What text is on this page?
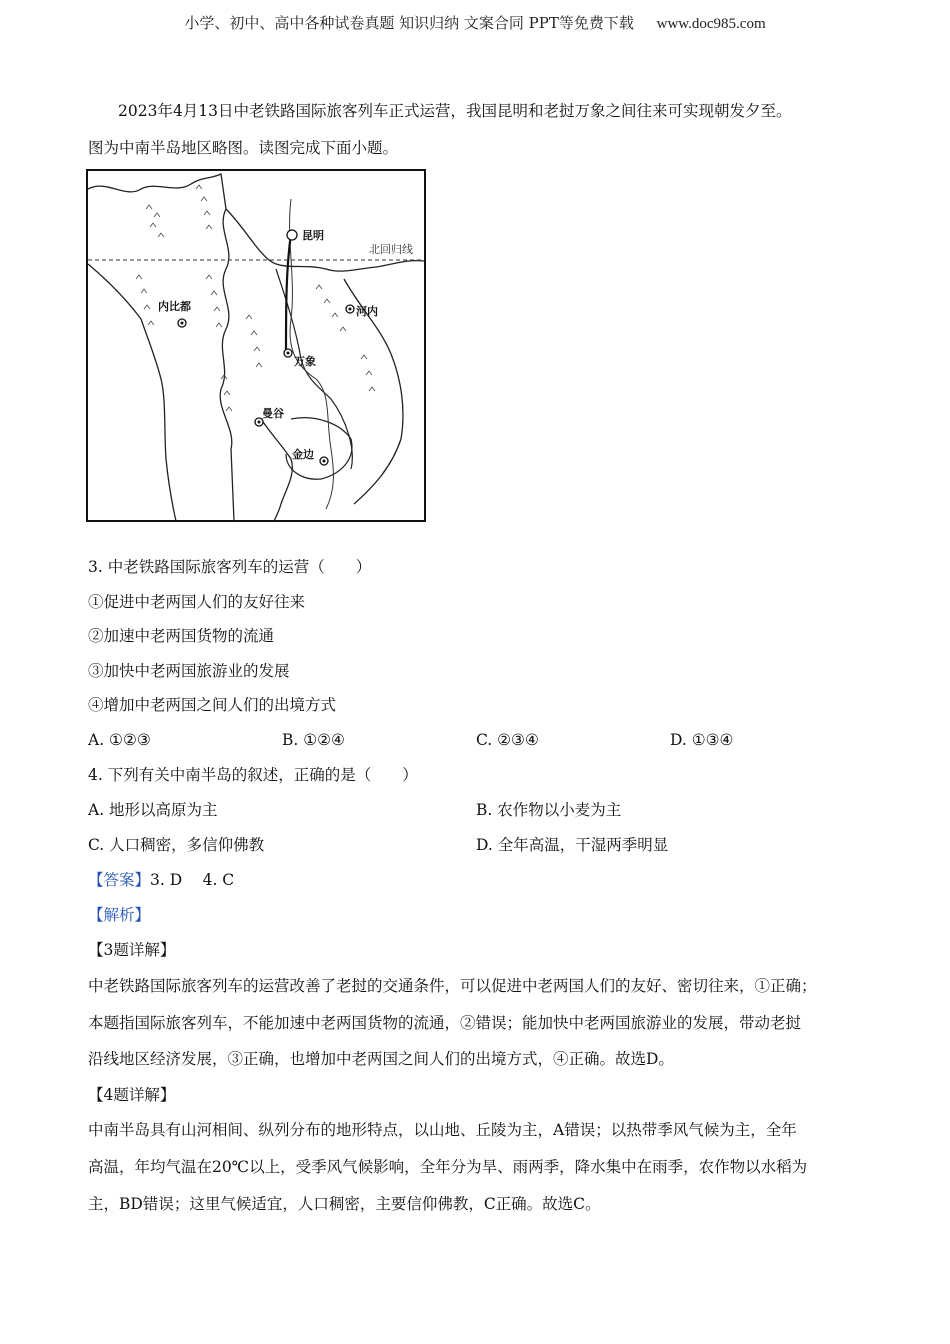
小学、初中、高中各种试卷真题 知识归纳 文案合同 PPT等免费下载 www.doc985.com
2023年4月13日中老铁路国际旅客列车正式运营，我国昆明和老挝万象之间往来可实现朝发夕至。
图为中南半岛地区略图。读图完成下面小题。
昆明
北回归线
内比都	河内
万象
曼谷
金边
3. 中老铁路国际旅客列车的运营（　　）
①促进中老两国人们的友好往来
②加速中老两国货物的流通
③加快中老两国旅游业的发展
④增加中老两国之间人们的出境方式
A. ①②③	B. ①②④	C. ②③④	D. ①③④
4. 下列有关中南半岛的叙述，正确的是（　　）
A. 地形以高原为主	B. 农作物以小麦为主
C. 人口稠密，多信仰佛教	D. 全年高温，干湿两季明显
【答案】3. D　 4. C
【解析】
【3题详解】
中老铁路国际旅客列车的运营改善了老挝的交通条件，可以促进中老两国人们的友好、密切往来，①正确；
本题指国际旅客列车，不能加速中老两国货物的流通，②错误；能加快中老两国旅游业的发展，带动老挝
沿线地区经济发展，③正确，也增加中老两国之间人们的出境方式，④正确。故选D。
【4题详解】
中南半岛具有山河相间、纵列分布的地形特点，以山地、丘陵为主，A错误；以热带季风气候为主，全年
高温，年均气温在20℃以上，受季风气候影响，全年分为旱、雨两季，降水集中在雨季，农作物以水稻为
主，BD错误；这里气候适宜，人口稠密，主要信仰佛教，C正确。故选C。
